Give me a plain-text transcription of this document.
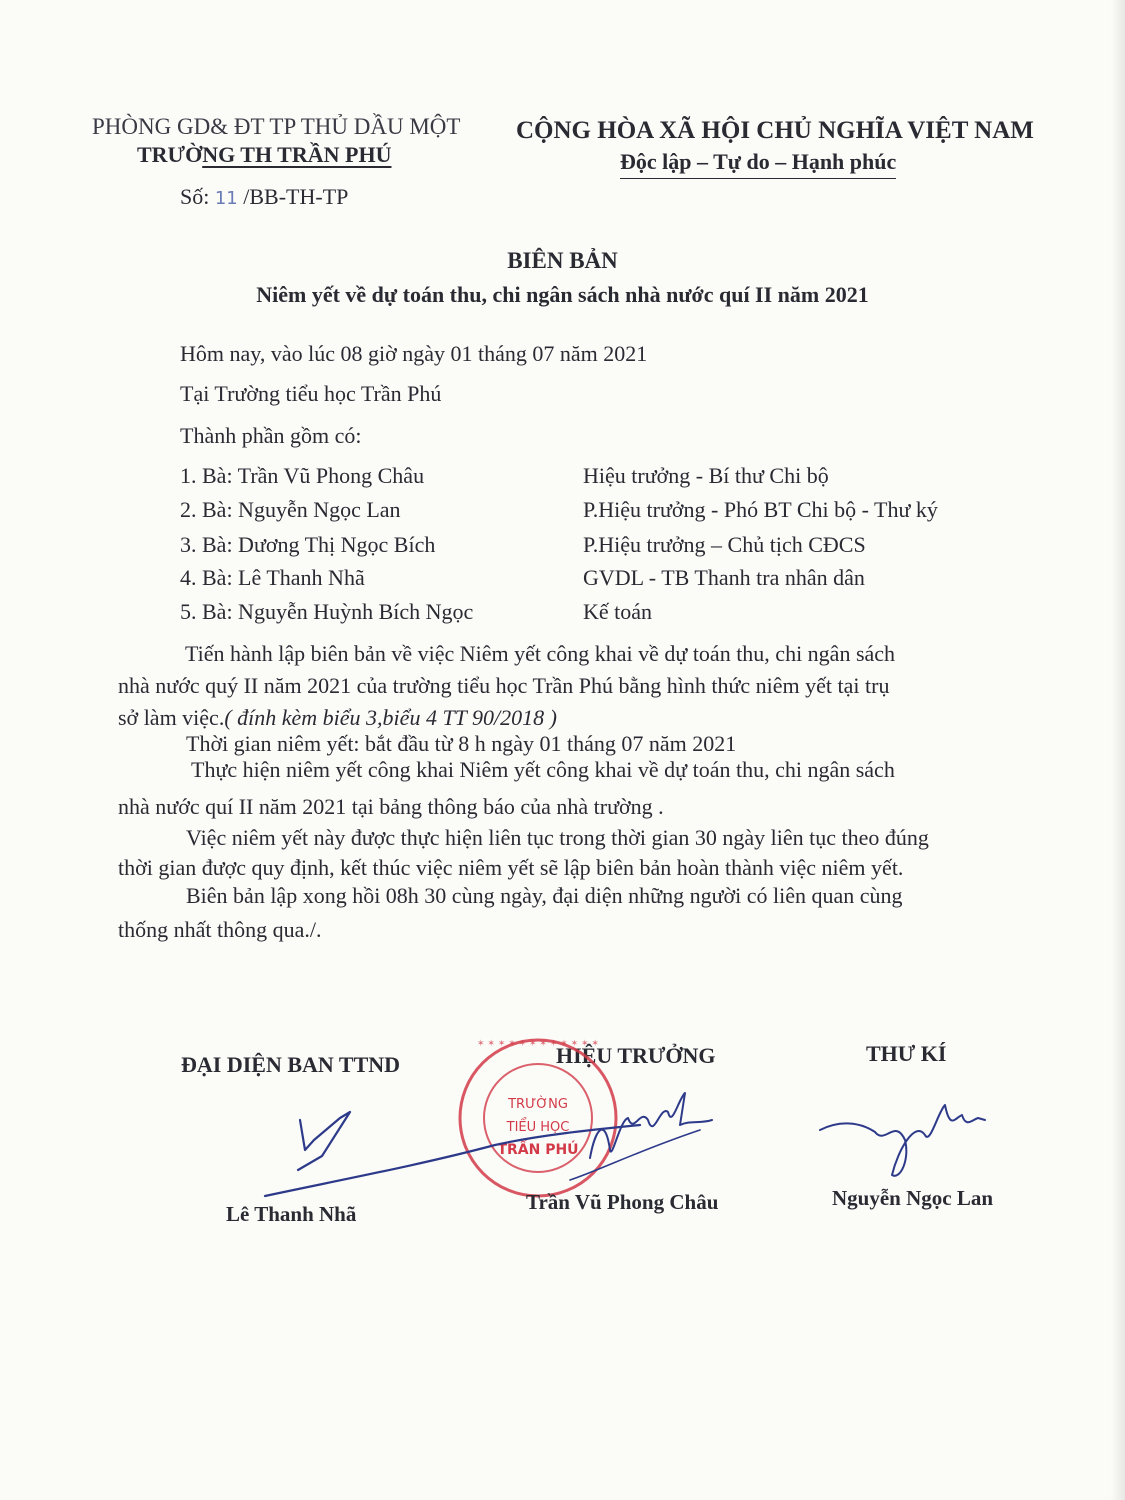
PHÒNG GD& ĐT TP THỦ DẦU MỘT
TRƯỜNG TH TRẦN PHÚ
Số: 11 /BB-TH-TP
CỘNG HÒA XÃ HỘI CHỦ NGHĨA VIỆT NAM
Độc lập – Tự do – Hạnh phúc
BIÊN BẢN
Niêm yết về dự toán thu, chi ngân sách nhà nước quí II năm 2021
Hôm nay, vào lúc 08 giờ ngày 01 tháng 07 năm 2021
Tại Trường tiểu học Trần Phú
Thành phần gồm có:
1. Bà: Trần Vũ Phong Châu	Hiệu trưởng - Bí thư Chi bộ
2. Bà: Nguyễn Ngọc Lan	P.Hiệu trưởng - Phó BT Chi bộ - Thư ký
3. Bà: Dương Thị Ngọc Bích	P.Hiệu trưởng – Chủ tịch CĐCS
4. Bà: Lê Thanh Nhã	GVDL - TB Thanh tra nhân dân
5. Bà: Nguyễn Huỳnh Bích Ngọc	Kế toán
Tiến hành lập biên bản về việc Niêm yết công khai về dự toán thu, chi ngân sách
nhà nước quý II năm 2021 của trường tiểu học Trần Phú bằng hình thức niêm yết tại trụ
sở làm việc.( đính kèm biểu 3,biểu 4 TT 90/2018 )
Thời gian niêm yết: bắt đầu từ 8 h ngày 01 tháng 07 năm 2021
Thực hiện niêm yết công khai Niêm yết công khai về dự toán thu, chi ngân sách
nhà nước quí II năm 2021 tại bảng thông báo của nhà trường .
Việc niêm yết này được thực hiện liên tục trong thời gian 30 ngày liên tục theo đúng
thời gian được quy định, kết thúc việc niêm yết sẽ lập biên bản hoàn thành việc niêm yết.
Biên bản lập xong hồi 08h 30 cùng ngày, đại diện những người có liên quan cùng
thống nhất thông qua./.
ĐẠI DIỆN BAN TTND	HIỆU TRƯỞNG	THƯ KÍ
✶ ✶ ✶ ✶ ✶ ✶ ✶ ✶ ✶ ✶ ✶ ✶
TRƯỜNG
TIỂU HỌC
TRẦN PHÚ
Lê Thanh Nhã	Trần Vũ Phong Châu	Nguyễn Ngọc Lan
